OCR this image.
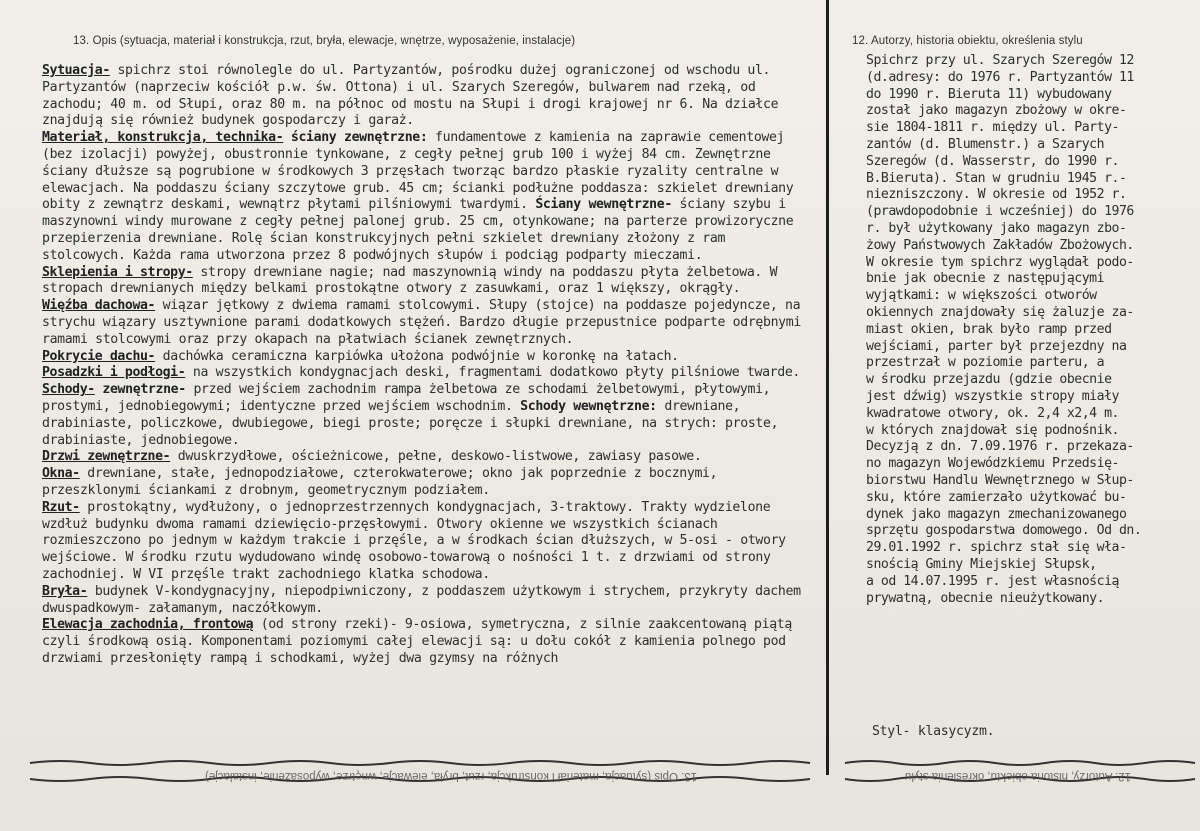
13. Opis (sytuacja, materiał i konstrukcja, rzut, bryła, elewacje, wnętrze, wyposażenie, instalacje)	12. Autorzy, historia obiektu, określenia stylu

Sytuacja- spichrz stoi równolegle do ul. Partyzantów, pośrodku dużej ograniczonej od wschodu ul. Partyzantów (naprzeciw kościół p.w. św. Ottona) i ul. Szarych Szeregów, bulwarem nad rzeką, od zachodu; 40 m. od Słupi, oraz 80 m. na północ od mostu na Słupi i drogi krajowej nr 6. Na działce znajdują się również budynek gospodarczy i garaż.

Materiał, konstrukcja, technika- ściany zewnętrzne: fundamentowe z kamienia na zaprawie cementowej (bez izolacji) powyżej, obustronnie tynkowane, z cegły pełnej grub 100 i wyżej 84 cm. Zewnętrzne ściany dłuższe są pogrubione w środkowych 3 przęsłach tworząc bardzo płaskie ryzality centralne w elewacjach. Na poddaszu ściany szczytowe grub. 45 cm; ścianki podłużne poddasza: szkielet drewniany obity z zewnątrz deskami, wewnątrz płytami pilśniowymi twardymi. Ściany wewnętrzne- ściany szybu i maszynowni windy murowane z cegły pełnej palonej grub. 25 cm, otynkowane; na parterze prowizoryczne przepierzenia drewniane. Rolę ścian konstrukcyjnych pełni szkielet drewniany złożony z ram stolcowych. Każda rama utworzona przez 8 podwójnych słupów i podciąg podparty mieczami.

Sklepienia i stropy- stropy drewniane nagie; nad maszynownią windy na poddaszu płyta żelbetowa. W stropach drewnianych między belkami prostokątne otwory z zasuwkami, oraz 1 większy, okrągły.

Więźba dachowa- wiązar jętkowy z dwiema ramami stolcowymi. Słupy (stojce) na poddasze pojedyncze, na strychu wiązary usztywnione parami dodatkowych stężeń. Bardzo długie przepustnice podparte odrębnymi ramami stolcowymi oraz przy okapach na płatwiach ścianek zewnętrznych.

Pokrycie dachu- dachówka ceramiczna karpiówka ułożona podwójnie w koronkę na łatach.

Posadzki i podłogi- na wszystkich kondygnacjach deski, fragmentami dodatkowo płyty pilśniowe twarde.

Schody- zewnętrzne- przed wejściem zachodnim rampa żelbetowa ze schodami żelbetowymi, płytowymi, prostymi, jednobiegowymi; identyczne przed wejściem wschodnim. Schody wewnętrzne: drewniane, drabiniaste, policzkowe, dwubiegowe, biegi proste; poręcze i słupki drewniane, na strych: proste, drabiniaste, jednobiegowe.

Drzwi zewnętrzne- dwuskrzydłowe, ościeżnicowe, pełne, deskowo-listwowe, zawiasy pasowe.

Okna- drewniane, stałe, jednopodziałowe, czterokwaterowe; okno jak poprzednie z bocznymi, przeszklonymi ściankami z drobnym, geometrycznym podziałem.

Rzut- prostokątny, wydłużony, o jednoprzestrzennych kondygnacjach, 3-traktowy. Trakty wydzielone wzdłuż budynku dwoma ramami dziewięcio-przęsłowymi. Otwory okienne we wszystkich ścianach rozmieszczono po jednym w każdym trakcie i przęśle, a w środkach ścian dłuższych, w 5-osi - otwory wejściowe. W środku rzutu wydudowano windę osobowo-towarową o nośności 1 t. z drzwiami od strony zachodniej. W VI przęśle trakt zachodniego klatka schodowa.

Bryła- budynek V-kondygnacyjny, niepodpiwniczony, z poddaszem użytkowym i strychem, przykryty dachem dwuspadkowym- załamanym, naczółkowym.

Elewacja zachodnia, frontową (od strony rzeki)- 9-osiowa, symetryczna, z silnie zaakcentowaną piątą czyli środkową osią. Komponentami poziomymi całej elewacji są: u dołu cokół z kamienia polnego pod drzwiami przesłonięty rampą i schodkami, wyżej dwa gzymsy na różnych

Spichrz przy ul. Szarych Szeregów 12
(d.adresy: do 1976 r. Partyzantów 11
do 1990 r. Bieruta 11) wybudowany
został jako magazyn zbożowy w okre-
sie 1804-1811 r. między ul. Party-
zantów (d. Blumenstr.) a Szarych
Szeregów (d. Wasserstr, do 1990 r.
B.Bieruta). Stan w grudniu 1945 r.-
niezniszczony. W okresie od 1952 r.
(prawdopodobnie i wcześniej) do 1976
r. był użytkowany jako magazyn zbo-
żowy Państwowych Zakładów Zbożowych.
W okresie tym spichrz wyglądał podo-
bnie jak obecnie z następującymi
wyjątkami: w większości otworów
okiennych znajdowały się żaluzje za-
miast okien, brak było ramp przed
wejściami, parter był przejezdny na
przestrzał w poziomie parteru, a
w środku przejazdu (gdzie obecnie
jest dźwig) wszystkie stropy miały
kwadratowe otwory, ok. 2,4 x2,4 m.
w których znajdował się podnośnik.
Decyzją z dn. 7.09.1976 r. przekaza-
no magazyn Wojewódzkiemu Przedsię-
biorstwu Handlu Wewnętrznego w Słup-
sku, które zamierzało użytkować bu-
dynek jako magazyn zmechanizowanego
sprzętu gospodarstwa domowego. Od dn.
29.01.1992 r. spichrz stał się wła-
snością Gminy Miejskiej Słupsk,
a od 14.07.1995 r. jest własnością
prywatną, obecnie nieużytkowany.
Styl- klasycyzm.
13. Opis (sytuacja, materiał i konstrukcja, rzut, bryła, elewacje, wnętrze, wyposażenie, instalacje)	12. Autorzy, historia obiektu, określenia stylu
